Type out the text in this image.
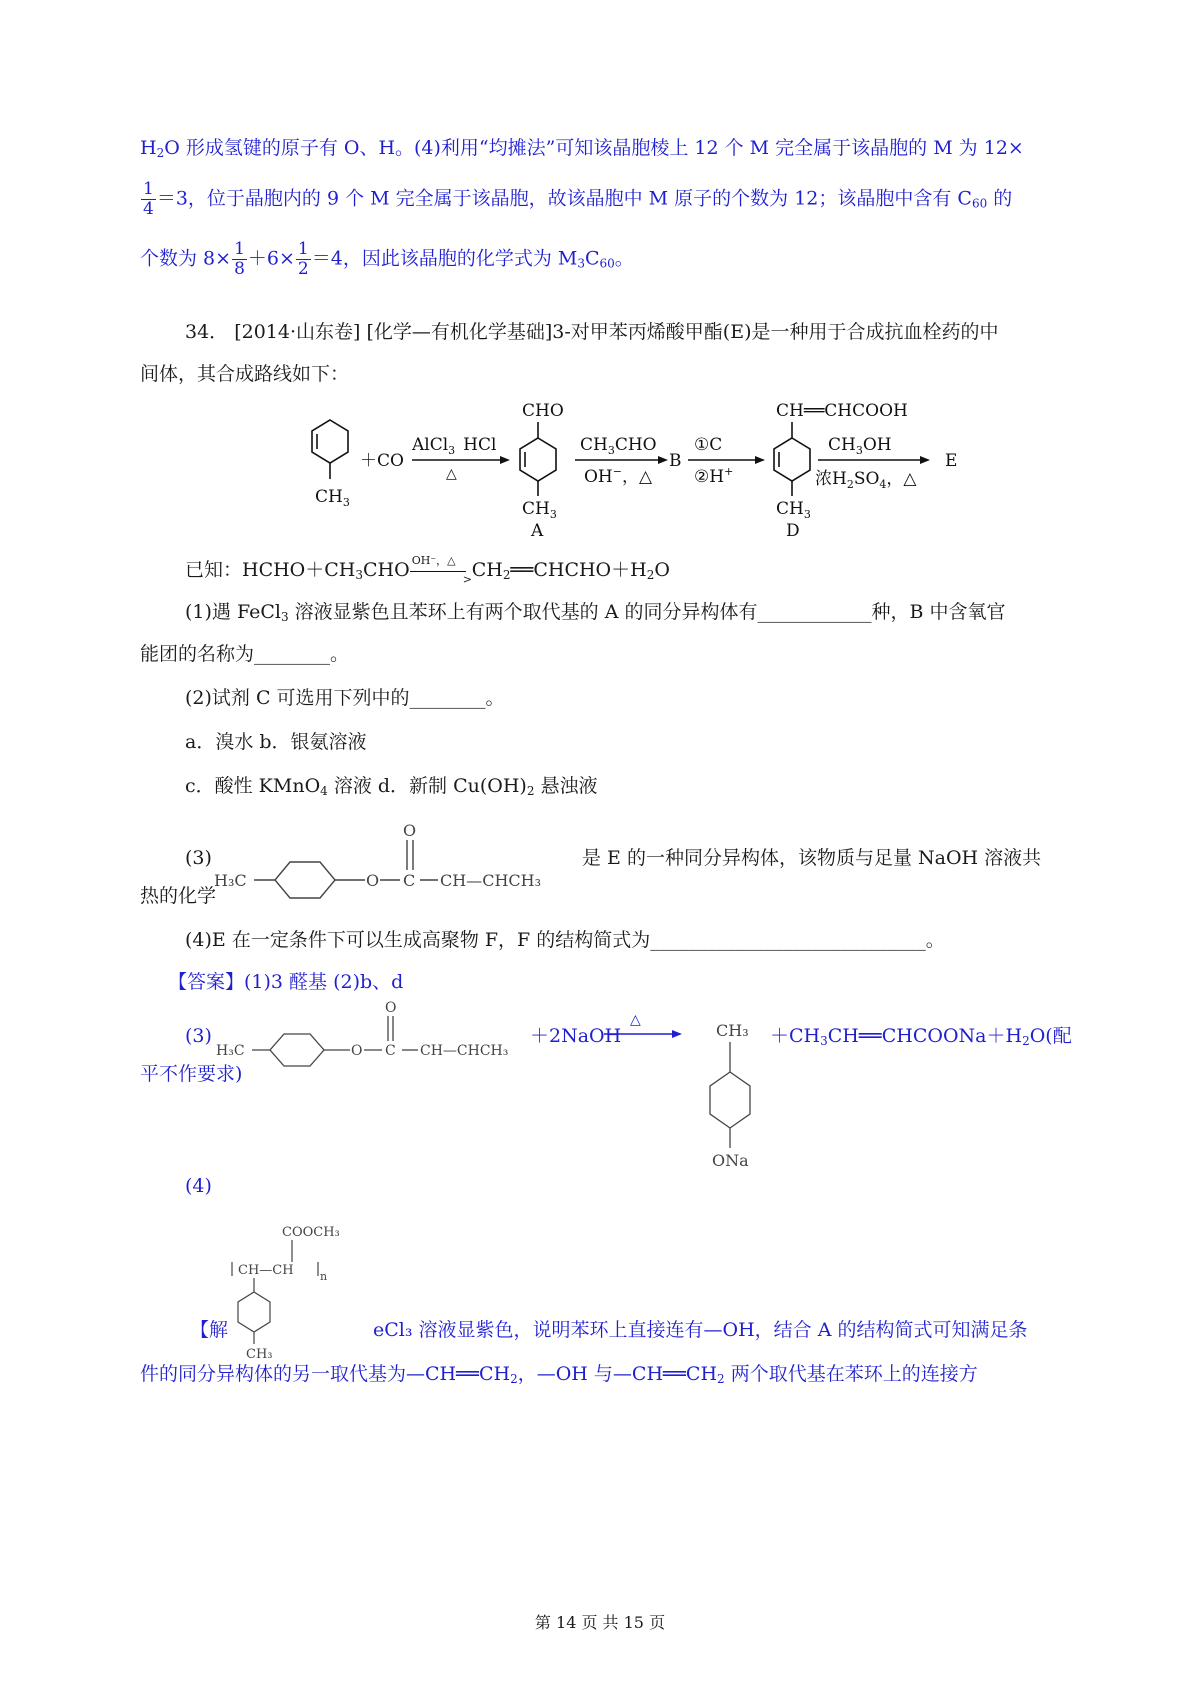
$H_2O$ 形成氢键的原子有 O、H。(4)利用“均摊法”可知该晶胞棱上 12 个 M 完全属于该晶胞的 M 为 12×
$\frac{1}{4} =3$，位于晶胞内的 9 个 M 完全属于该晶胞，故该晶胞中 M 原子的个数为 12；该晶胞中含有 $C_{60}$ 的
个数为 $8\times \frac{1}{8} +6\times \frac{1}{2} =4$，因此该晶胞的化学式为 $M_3C_{60}$。
34． [2014·山东卷] [化学—有机化学基础]3-对甲苯丙烯酸甲酯(E)是一种用于合成抗血栓药的中
间体，其合成路线如下：
$CH_3$
＋CO
AlCl$_3$ HCl
△
CHO
$CH_3$
A
$CH_3CHO$
OH−，△
B
①C
②H+
CH══CHCOOH
$CH_3$
D
$CH_3OH$
浓$H_2SO_4$，△
E
已知：$HCHO+CH_3CHO$ OH⁻，△
> $CH_2══CHCHO+H_2O$
(1)遇 FeCl$_3$ 溶液显紫色且苯环上有两个取代基的 A 的同分异构体有____________种，B 中含氧官
能团的名称为________。
(2)试剂 C 可选用下列中的________。
a．溴水 b．银氨溶液
c．酸性 KMnO$_4$ 溶液 d．新制 $Cu(OH)_2$ 悬浊液
(3)	是 E 的一种同分异构体，该物质与足量 NaOH 溶液共
热的化学
H₃C	O
O
C CH—CHCH₃
(4)E 在一定条件下可以生成高聚物 F，F 的结构简式为_____________________________。
【答案】(1)3 醛基 (2)b、d
(3)
H₃C	O
O
C CH—CHCH₃
＋2NaOH
△
CH₃
ONa
$+CH_3CH══CHCOONa+H_2O$(配
平不作要求)
(4)
COOCH₃
CH—CH n
CH₃
【解	eCl₃ 溶液显紫色，说明苯环上直接连有—OH，结合 A 的结构简式可知满足条
件的同分异构体的另一取代基为$—CH══CH_2$，—OH 与$—CH══CH_2$ 两个取代基在苯环上的连接方
第 14 页 共 15 页
